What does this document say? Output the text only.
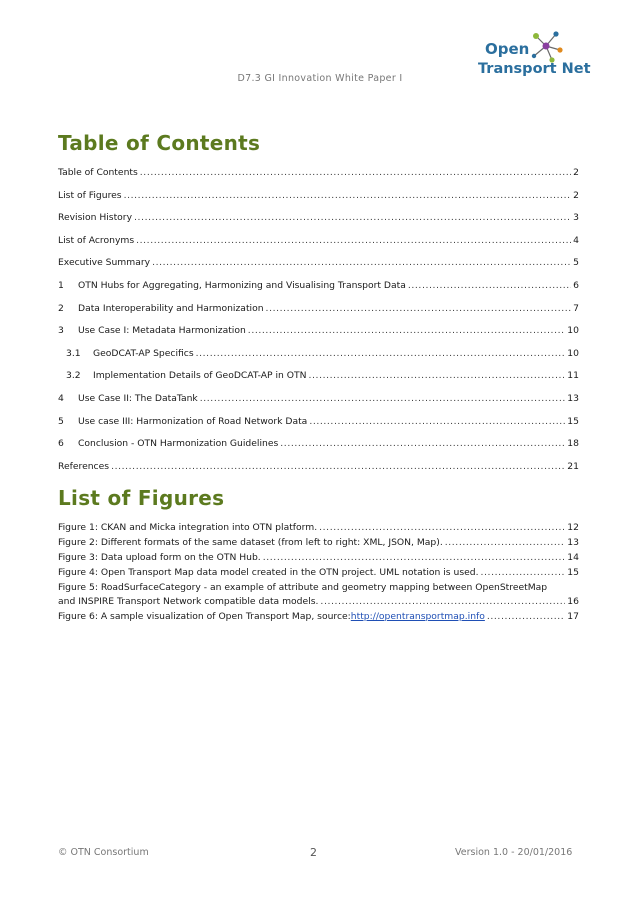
D7.3 GI Innovation White Paper I
Open
Transport Net
Table of Contents
Table of Contents .....	2
List of Figures .....	2
Revision History .....	3
List of Acronyms .....	4
Executive Summary .....	5
1	OTN Hubs for Aggregating, Harmonizing and Visualising Transport Data .....	6
2	Data Interoperability and Harmonization .....	7
3	Use Case I: Metadata Harmonization .....	10
3.1	GeoDCAT-AP Specifics .....	10
3.2	Implementation Details of GeoDCAT-AP in OTN .....	11
4	Use Case II: The DataTank .....	13
5	Use case III: Harmonization of Road Network Data .....	15
6	Conclusion - OTN Harmonization Guidelines .....	18
References .....	21
List of Figures
Figure 1: CKAN and Micka integration into OTN platform. .....	12
Figure 2: Different formats of the same dataset (from left to right: XML, JSON, Map). .....	13
Figure 3: Data upload form on the OTN Hub. .....	14
Figure 4: Open Transport Map data model created in the OTN project. UML notation is used. .....	15
Figure 5: RoadSurfaceCategory - an example of attribute and geometry mapping between OpenStreetMap
and INSPIRE Transport Network compatible data models. .....	16
Figure 6: A sample visualization of Open Transport Map, source: http://opentransportmap.info .....	17
© OTN Consortium	2	Version 1.0 - 20/01/2016
